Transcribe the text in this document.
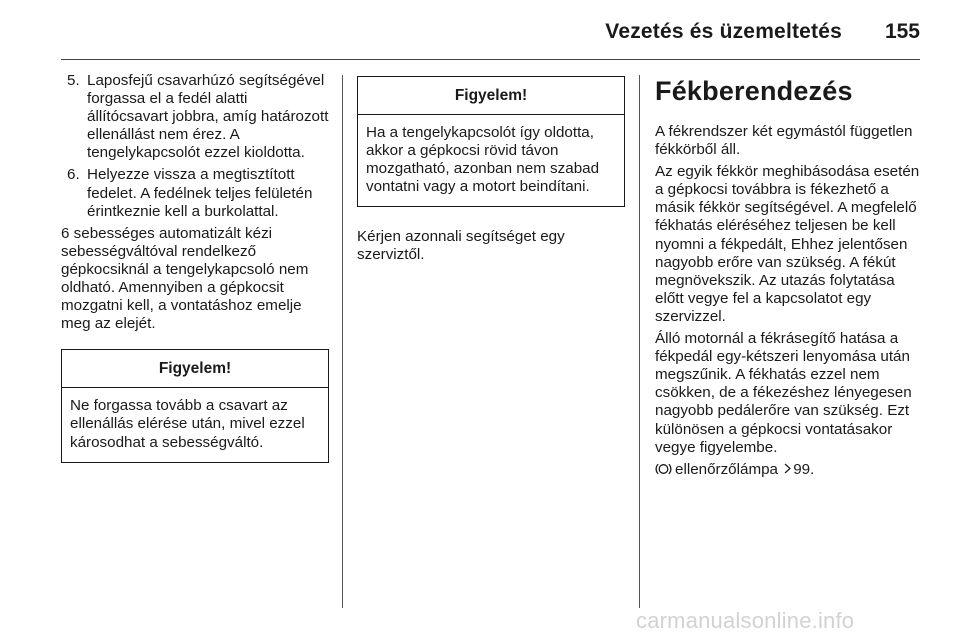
Vezetés és üzemeltetés 155
5. Laposfejű csavarhúzó segítségével forgassa el a fedél alatti állítócsavart jobbra, amíg határozott ellenállást nem érez. A tengelykapcsolót ezzel kioldotta.
6. Helyezze vissza a megtisztított fedelet. A fedélnek teljes felületén érintkeznie kell a burkolattal.

6 sebességes automatizált kézi sebességváltóval rendelkező gépkocsiknál a tengelykapcsoló nem oldható. Amennyiben a gépkocsit mozgatni kell, a vontatáshoz emelje meg az elejét.

Figyelem!
Ne forgassa tovább a csavart az ellenállás elérése után, mivel ezzel károsodhat a sebességváltó.
Figyelem!
Ha a tengelykapcsolót így oldotta, akkor a gépkocsi rövid távon mozgatható, azonban nem szabad vontatni vagy a motort beindítani.

Kérjen azonnali segítséget egy szerviztől.

Fékberendezés

A fékrendszer két egymástól független fékkörből áll.

Az egyik fékkör meghibásodása esetén a gépkocsi továbbra is fékezhető a másik fékkör segítségével. A megfelelő fékhatás eléréséhez teljesen be kell nyomni a fékpedált, Ehhez jelentősen nagyobb erőre van szükség. A fékút megnövekszik. Az utazás folytatása előtt vegye fel a kapcsolatot egy szervizzel.

Álló motornál a fékrásegítő hatása a fékpedál egy-kétszeri lenyomása után megszűnik. A fékhatás ezzel nem csökken, de a fékezéshez lényegesen nagyobb pedálerőre van szükség. Ezt különösen a gépkocsi vontatásakor vegye figyelembe.

ellenőrzőlámpa 99.

carmanualsonline.info
